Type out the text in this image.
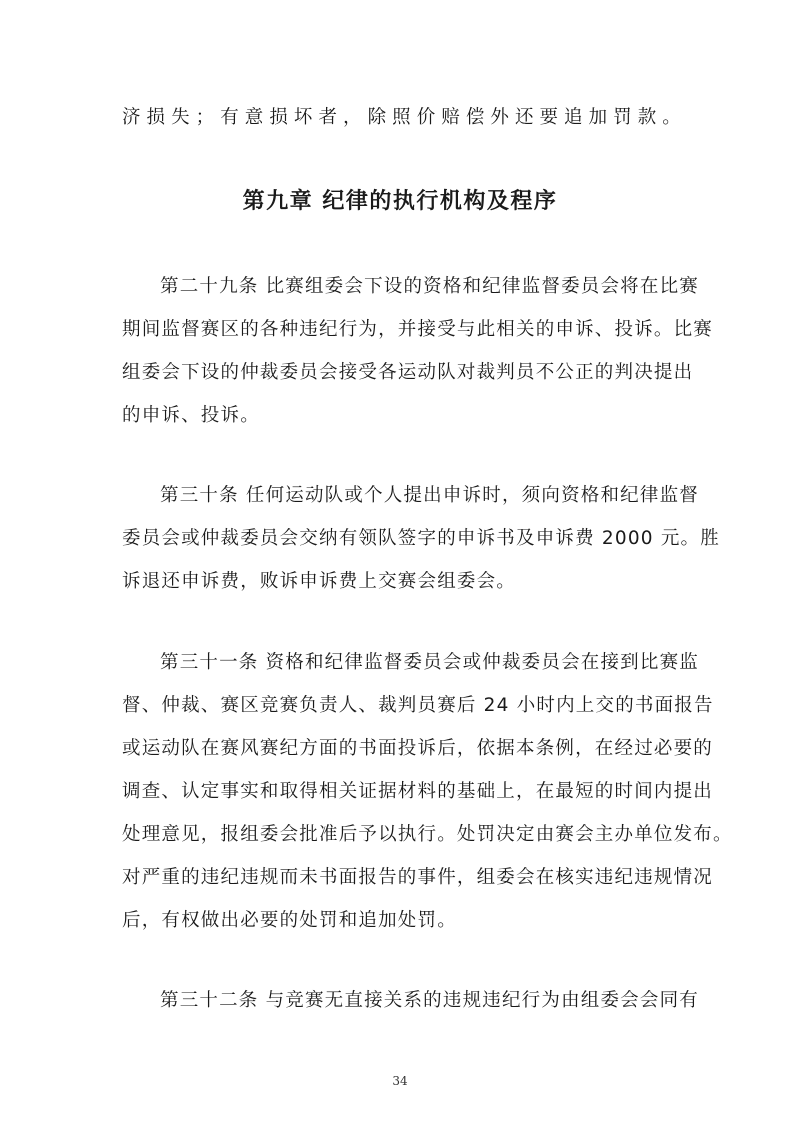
济损失；有意损坏者，除照价赔偿外还要追加罚款。
第九章 纪律的执行机构及程序
第二十九条 比赛组委会下设的资格和纪律监督委员会将在比赛
期间监督赛区的各种违纪行为，并接受与此相关的申诉、投诉。比赛
组委会下设的仲裁委员会接受各运动队对裁判员不公正的判决提出
的申诉、投诉。
第三十条 任何运动队或个人提出申诉时，须向资格和纪律监督
委员会或仲裁委员会交纳有领队签字的申诉书及申诉费 2000 元。胜
诉退还申诉费，败诉申诉费上交赛会组委会。
第三十一条 资格和纪律监督委员会或仲裁委员会在接到比赛监
督、仲裁、赛区竞赛负责人、裁判员赛后 24 小时内上交的书面报告
或运动队在赛风赛纪方面的书面投诉后，依据本条例，在经过必要的
调查、认定事实和取得相关证据材料的基础上，在最短的时间内提出
处理意见，报组委会批准后予以执行。处罚决定由赛会主办单位发布。
对严重的违纪违规而未书面报告的事件，组委会在核实违纪违规情况
后，有权做出必要的处罚和追加处罚。
第三十二条 与竞赛无直接关系的违规违纪行为由组委会会同有
34
